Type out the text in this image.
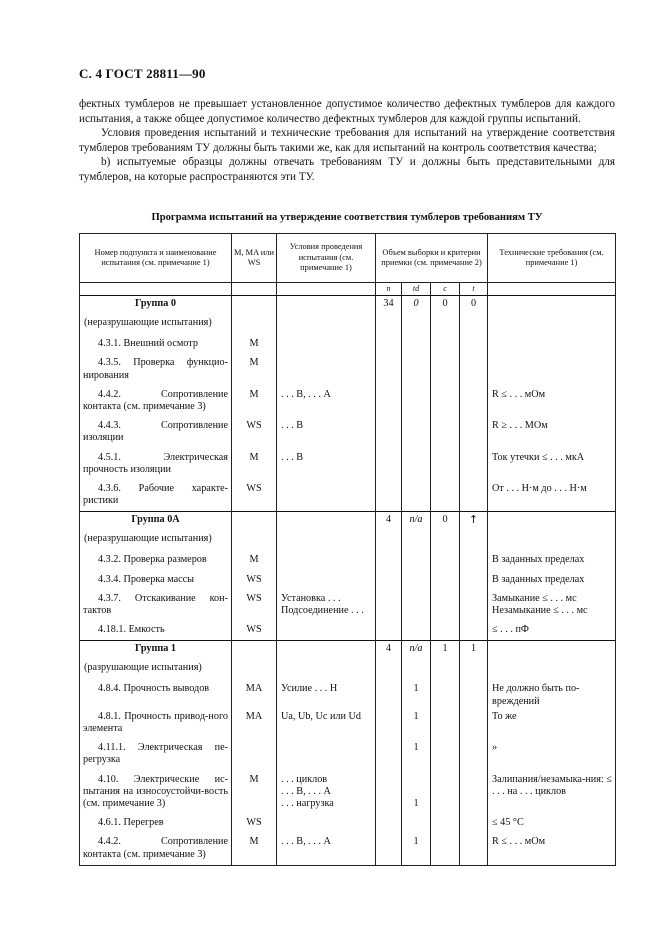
С. 4 ГОСТ 28811—90

фектных тумблеров не превышает установленное допустимое количество дефектных тумблеров для каждого испытания, а также общее допустимое количество дефектных тумблеров для каждой группы испытаний.

Условия проведения испытаний и технические требования для испытаний на утверждение соответствия тумблеров требованиям ТУ должны быть такими же, как для испытаний на контроль соответствия качества;

b) испытуемые образцы должны отвечать требованиям ТУ и должны быть представительными для тумблеров, на которые распространяются эти ТУ.

Программа испытаний на утверждение соответствия тумблеров требованиям ТУ
Номер подпункта и наименование испытания (см. примечание 1)	M, MA или WS	Условия проведения испытания (см. примечание 1)	Объем выборки и критерии приемки (см. примечание 2)				Технические требования (см. примечание 1)
			n	td	c	t	
Группа 0			34	0	0	0	
(неразрушающие испытания)							

4.3.1. Внешний осмотр	M						

4.3.5. Проверка функцио-нирования	M						

4.4.2. Сопротивление контакта (см. примечание 3)	M	. . . В, . . . А					R ≤ . . . мОм

4.4.3. Сопротивление изоляции	WS	. . . В					R ≥ . . . МОм

4.5.1. Электрическая прочность изоляции	M	. . . В					Ток утечки ≤ . . . мкА

4.3.6. Рабочие характе-ристики	WS						От . . . Н·м до . . . Н·м
Группа 0А			4	n/a	0	↑	
(неразрушающие испытания)							

4.3.2. Проверка размеров	M						В заданных пределах

4.3.4. Проверка массы	WS						В заданных пределах

4.3.7. Отскакивание кон-тактов	WS	Установка . . .
Подсоединение . . .					Замыкание ≤ . . . мс
Незамыкание ≤ . . . мс

4.18.1. Емкость	WS						≤ . . . пФ
Группа 1			4	n/a	1	1	
(разрушающие испытания)							

4.8.4. Прочность выводов	MA	Усилие . . . Н		1			Не должно быть по-вреждений

4.8.1. Прочность привод-ного элемента	MA	Ua, Ub, Uc или Ud		1			То же

4.11.1. Электрическая пе-регрузка				1			»

4.10. Электрические ис-пытания на износоустойчи-вость (см. примечание 3)	M	. . . циклов
. . . В, . . . А
. . . нагрузка		1			Залипания/незамыка-ния: ≤ . . . на . . . циклов

4.6.1. Перегрев	WS						≤ 45 °С

4.4.2. Сопротивление контакта (см. примечание 3)	M	. . . В, . . . А		1			R ≤ . . . мОм
